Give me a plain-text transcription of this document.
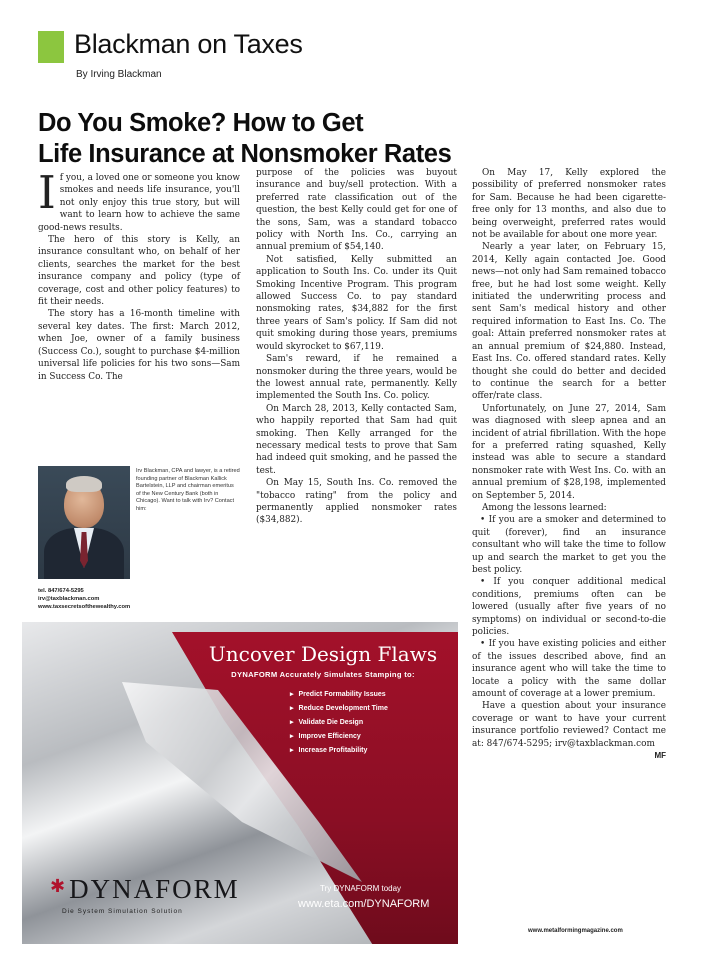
Blackman on Taxes
By Irving Blackman
Do You Smoke? How to Get
Life Insurance at Nonsmoker Rates

If you, a loved one or someone you know smokes and needs life insurance, you'll not only enjoy this true story, but will want to learn how to achieve the same good-news results.

The hero of this story is Kelly, an insurance consultant who, on behalf of her clients, searches the market for the best insurance company and policy (type of coverage, cost and other policy features) to fit their needs.

The story has a 16-month timeline with several key dates. The first: March 2012, when Joe, owner of a family business (Success Co.), sought to purchase $4-million universal life policies for his two sons—Sam in Success Co. The

Irv Blackman, CPA and lawyer, is a retired founding partner of Blackman Kallick Bartelstein, LLP and chairman emeritus of the New Century Bank (both in Chicago). Want to talk with Irv? Contact him:
tel. 847/674-5295
irv@taxblackman.com
www.taxsecretsofthewealthy.com

purpose of the policies was buyout insurance and buy/sell protection. With a preferred rate classification out of the question, the best Kelly could get for one of the sons, Sam, was a standard tobacco policy with North Ins. Co., carrying an annual premium of $54,140.

Not satisfied, Kelly submitted an application to South Ins. Co. under its Quit Smoking Incentive Program. This program allowed Success Co. to pay standard nonsmoking rates, $34,882 for the first three years of Sam's policy. If Sam did not quit smoking during those years, premiums would skyrocket to $67,119.

Sam's reward, if he remained a nonsmoker during the three years, would be the lowest annual rate, permanently. Kelly implemented the South Ins. Co. policy.

On March 28, 2013, Kelly contacted Sam, who happily reported that Sam had quit smoking. Then Kelly arranged for the necessary medical tests to prove that Sam had indeed quit smoking, and he passed the test.

On May 15, South Ins. Co. removed the "tobacco rating" from the policy and permanently applied nonsmoker rates ($34,882).

On May 17, Kelly explored the possibility of preferred nonsmoker rates for Sam. Because he had been cigarette-free only for 13 months, and also due to being overweight, preferred rates would not be available for about one more year.

Nearly a year later, on February 15, 2014, Kelly again contacted Joe. Good news—not only had Sam remained tobacco free, but he had lost some weight. Kelly initiated the underwriting process and sent Sam's medical history and other required information to East Ins. Co. The goal: Attain preferred nonsmoker rates at an annual premium of $24,880. Instead, East Ins. Co. offered standard rates. Kelly thought she could do better and decided to continue the search for a better offer/rate class.

Unfortunately, on June 27, 2014, Sam was diagnosed with sleep apnea and an incident of atrial fibrillation. With the hope for a preferred rating squashed, Kelly instead was able to secure a standard nonsmoker rate with West Ins. Co. with an annual premium of $28,198, implemented on September 5, 2014.

Among the lessons learned:

• If you are a smoker and determined to quit (forever), find an insurance consultant who will take the time to follow up and search the market to get you the best policy.

• If you conquer additional medical conditions, premiums often can be lowered (usually after five years of no symptoms) on individual or second-to-die policies.

• If you have existing policies and either of the issues described above, find an insurance agent who will take the time to locate a policy with the same dollar amount of coverage at a lower premium.

Have a question about your insurance coverage or want to have your current insurance portfolio reviewed? Contact me at: 847/674-5295; irv@taxblackman.com
MF

Uncover Design Flaws
DYNAFORM Accurately Simulates Stamping to:
▸ Predict Formability Issues
▸ Reduce Development Time
▸ Validate Die Design
▸ Improve Efficiency
▸ Increase Profitability
✱DYNAFORM
Die System Simulation Solution
Try DYNAFORM today
www.eta.com/DYNAFORM
www.metalformingmagazine.com
